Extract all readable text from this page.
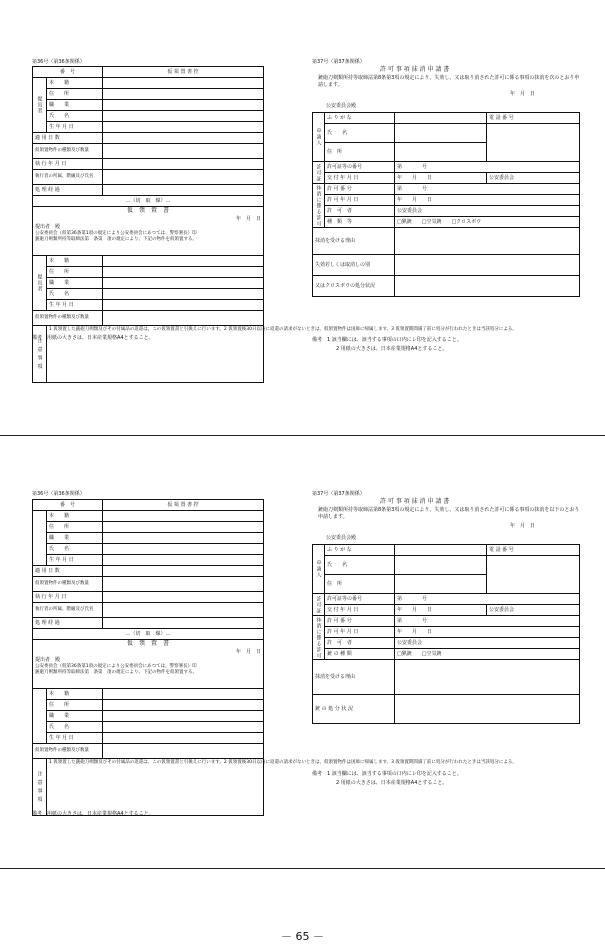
第36号（第36条関係）
番　号		仮 領 置 書 控
提出者	本　　籍	
	住　　所	
	職　　業	
	氏　　名	
	生 年 月 日	
適 用 日 数		
仮領置物件の種類及び数量		
執 行 年 月 日		
執行者の所属、階級及び氏名		
処 理 経 過		
…（切　取　線）…		

仮　領　置　書
年　月　日
提出者　殿
公安委員会（仮第36条第1項の規定により公安委員会にあつては、警察署長）印
銃砲刀剣類所持等取締法第　条第　項の規定により、下記の物件を仮領置する。		

提出者	本　　籍	
	住　　所	
	職　　業	
	氏　　名	
	生 年 月 日	
仮領置物件の種類及び数量		
注 意 事 項	1 仮領置した銃砲刀剣類及びその付属品の返還は、この仮領置書と引換えに行います。2 仮領置後30日以内に返還の請求がないときは、仮領置物件は国庫に帰属します。3 仮領置期間満了前に処分が行われたときは当該処分による。	
備考　用紙の大きさは、日本産業規格A4とすること。
第37号（第37条関係）
許 可 事 項 抹 消 申 請 書
銃砲刀剣類所持等取締法第8条第3項の規定により、失効し、又は取り消された許可に係る事項の抹消を次のとおり申請します。
年　月　日
公安委員会殿
申請人	ふ り が な		電 話 番 号
	氏　　名		
	住　所		
許可証	許可証等の番号	第　　　　号	
	交 付 年 月 日	年　　月　　日	公安委員会
抹消に係る許可	許 可 番 号	第　　　　号	
	許 可 年 月 日	年　　月　　日	
	許　可　者	公安委員会	
	種　類　等	□猟銃　　□空気銃　　□クロスボウ	
抹消を受ける理由			
失効若しくは取消しの別			
又はクロスボウの処分状況			
備考　1 該当欄には、該当する事項の口内にレ印を記入すること。
2 用紙の大きさは、日本産業規格A4とすること。
第36号（第36条関係）
番　号		仮 領 置 書 控
	本　　籍	
	住　　所	
	職　　業	
	氏　　名	
	生 年 月 日	
適 用 日 数		
仮領置物件の種類及び数量		
執 行 年 月 日		
執行者の所属、階級及び氏名		
処 理 経 過		
…（切　取　線）…		

仮　領　置　書
年　月　日
提出者　殿
公安委員会（仮第36条第1項の規定により公安委員会にあつては、警察署長）印
銃砲刀剣類所持等取締法第　条第　項の規定により、下記の物件を仮領置する。		

	本　　籍	
	住　　所	
	職　　業	
	氏　　名	
	生 年 月 日	
仮領置物件の種類及び数量		
注 意 事 項	1 仮領置した銃砲刀剣類及びその付属品の返還は、この仮領置書と引換えに行います。2 仮領置後30日以内に返還の請求がないときは、仮領置物件は国庫に帰属します。3 仮領置期間満了前に処分が行われたときは当該処分による。	
備考　用紙の大きさは、日本産業規格A4とすること。
第37号（第37条関係）
許 可 事 項 抹 消 申 請 書
銃砲刀剣類所持等取締法第8条第3項の規定により、失効し、又は取り消された許可に係る事項の抹消を以下のとおり申請します。
年　月　日
公安委員会殿
申請人	ふ り が な		電 話 番 号
	氏　　名		
	住　所		
許可証	許可証等の番号	第　　　　号	
	交 付 年 月 日	年　　月　　日	公安委員会
抹消に係る許可	許 可 番 号	第　　　　号	
	許 可 年 月 日	年　　月　　日	
	許　可　者	公安委員会	
	銃 の 種 類	□猟銃　　□空気銃	
抹消を受ける理由			
銃 の 処 分 状 況			
備考　1 該当欄には、該当する事項の口内にレ印を記入すること。
2 用紙の大きさは、日本産業規格A4とすること。
－ 65 －
